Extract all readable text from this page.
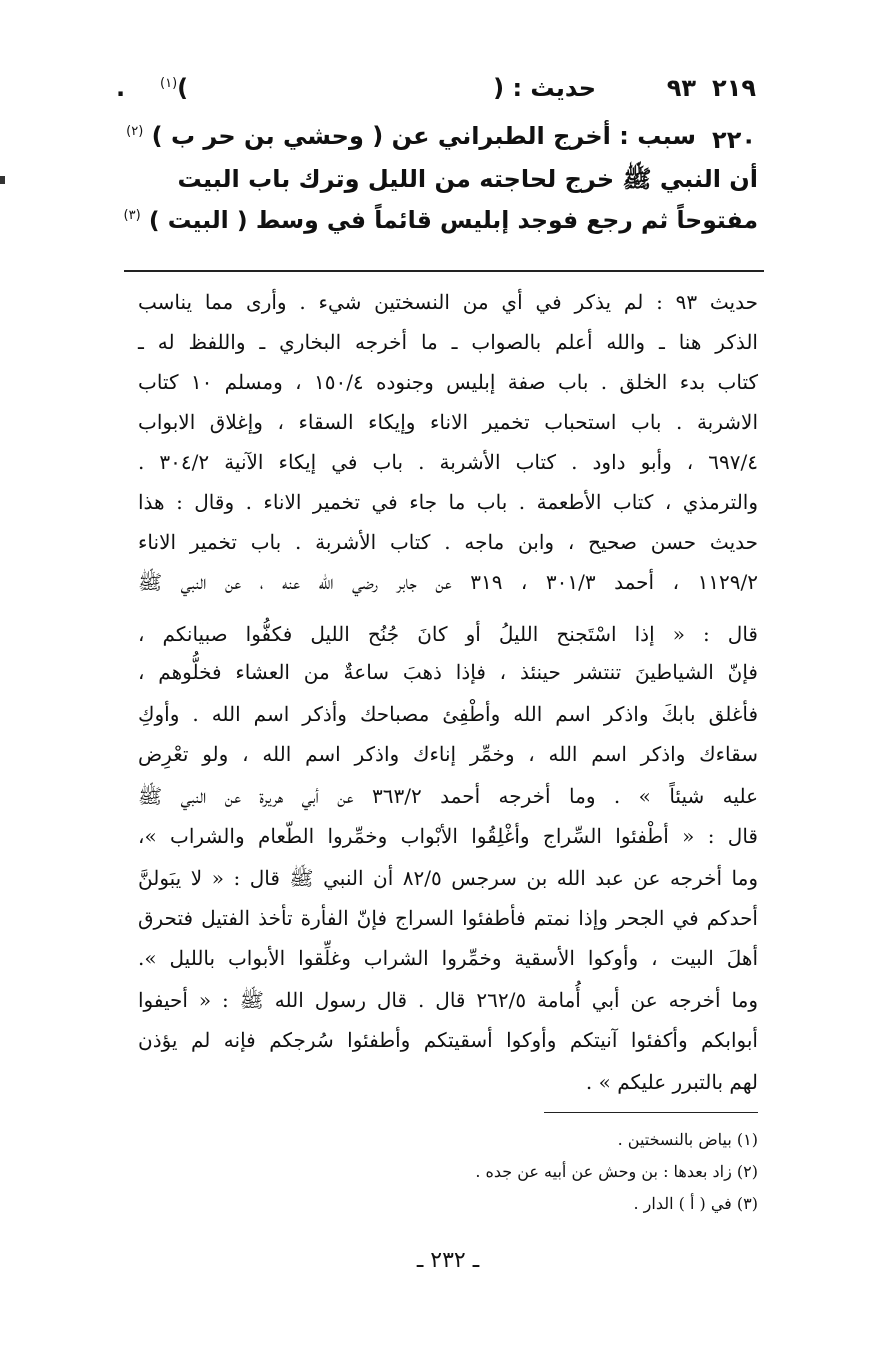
٢١٩
٩٣
حديث : (
)$^{(١)}$
.
٢٢٠
سبب : أخرج الطبراني عن ( وحشي بن حر ب ) $^{(٢)}$
أن النبي ﷺ خرج لحاجته من الليل وترك باب البيت
مفتوحاً ثم رجع فوجد إبليس قائماً في وسط ( البيت ) $^{(٣)}$
حديث ٩٣ : لم يذكر في أي من النسختين شيء . وأرى مما يناسب
الذكر هنا ـ والله أعلم بالصواب ـ ما أخرجه البخاري ـ واللفظ له ـ
كتاب بدء الخلق . باب صفة إبليس وجنوده ١٥٠/٤ ، ومسلم ١٠ كتاب
الاشربة . باب استحباب تخمير الاناء وإيكاء السقاء ، وإغلاق الابواب
٦٩٧/٤ ، وأبو داود . كتاب الأشربة . باب في إيكاء الآنية ٣٠٤/٢ .
والترمذي ، كتاب الأطعمة . باب ما جاء في تخمير الاناء . وقال : هذا
حديث حسن صحيح ، وابن ماجه . كتاب الأشربة . باب تخمير الاناء
١١٢٩/٢ ، أحمد ٣٠١/٣ ، ٣١٩ عن جابر رضي الله عنه ، عن النبي ﷺ
قال : « إذا اسْتَجنح الليلُ أو كانَ جُنُح الليل فكفُّوا صبيانكم ،
فإنّ الشياطينَ تنتشر حينئذ ، فإذا ذهبَ ساعةٌ من العشاء فخلُّوهم ،
فأغلق بابكَ واذكر اسم الله وأطْفِئ مصباحك وأذكر اسم الله . وأوكِ
سقاءك واذكر اسم الله ، وخمِّر إناءك واذكر اسم الله ، ولو تعْرِض
عليه شيئاً » . وما أخرجه أحمد ٣٦٣/٢ عن أبي هريرة عن النبي ﷺ
قال : « أطْفئوا السِّراج وأغْلِقُوا الأبْواب وخمِّروا الطّعام والشراب »،
وما أخرجه عن عبد الله بن سرجس ٨٢/٥ أن النبي ﷺ قال : « لا يبَولنَّ
أحدكم في الجحر وإذا نمتم فأطفئوا السراج فإنّ الفأرة تأخذ الفتيل فتحرق
أهلَ البيت ، وأوكوا الأسقية وخمِّروا الشراب وغلِّقوا الأبواب بالليل ».
وما أخرجه عن أبي أُمامة ٢٦٢/٥ قال . قال رسول الله ﷺ : « أحيفوا
أبوابكم وأكفئوا آنيتكم وأوكوا أسقيتكم وأطفئوا سُرجكم فإنه لم يؤذن
لهم بالتبرر عليكم » .
(١) بياض بالنسختين .
(٢) زاد بعدها : بن وحش عن أبيه عن جده .
(٣) في ( أ ) الدار .
ـ ٢٣٢ ـ
